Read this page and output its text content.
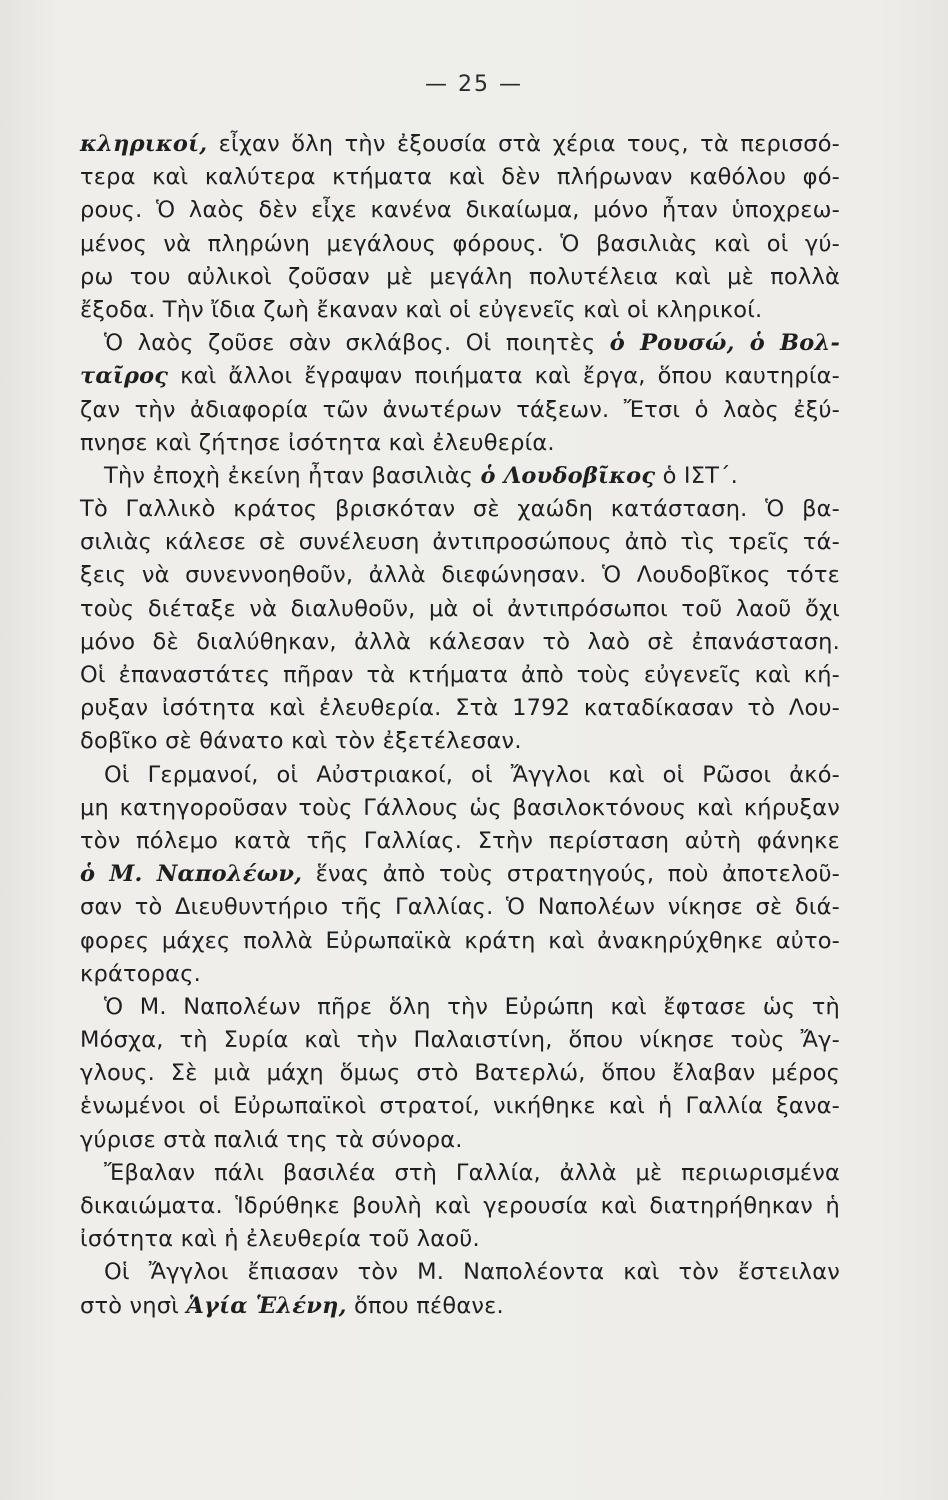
— 25 —
κληρικοί, εἶχαν ὅλη τὴν ἐξουσία στὰ χέρια τους, τὰ περισσό-
τερα καὶ καλύτερα κτήματα καὶ δὲν πλήρωναν καθόλου φό-
ρους. Ὁ λαὸς δὲν εἶχε κανένα δικαίωμα, μόνο ἦταν ὑποχρεω-
μένος νὰ πληρώνη μεγάλους φόρους. Ὁ βασιλιὰς καὶ οἱ γύ-
ρω του αὐλικοὶ ζοῦσαν μὲ μεγάλη πολυτέλεια καὶ μὲ πολλὰ
ἔξοδα. Τὴν ἴδια ζωὴ ἔκαναν καὶ οἱ εὐγενεῖς καὶ οἱ κληρικοί.
Ὁ λαὸς ζοῦσε σὰν σκλάβος. Οἱ ποιητὲς ὁ Ρουσώ, ὁ Βολ-
ταῖρος καὶ ἄλλοι ἔγραψαν ποιήματα καὶ ἔργα, ὅπου καυτηρία-
ζαν τὴν ἀδιαφορία τῶν ἀνωτέρων τάξεων. Ἔτσι ὁ λαὸς ἐξύ-
πνησε καὶ ζήτησε ἰσότητα καὶ ἐλευθερία.
Τὴν ἐποχὴ ἐκείνη ἦταν βασιλιὰς ὁ Λουδοβῖκος ὁ ΙΣΤ΄.
Τὸ Γαλλικὸ κράτος βρισκόταν σὲ χαώδη κατάσταση. Ὁ βα-
σιλιὰς κάλεσε σὲ συνέλευση ἀντιπροσώπους ἀπὸ τὶς τρεῖς τά-
ξεις νὰ συνεννοηθοῦν, ἀλλὰ διεφώνησαν. Ὁ Λουδοβῖκος τότε
τοὺς διέταξε νὰ διαλυθοῦν, μὰ οἱ ἀντιπρόσωποι τοῦ λαοῦ ὄχι
μόνο δὲ διαλύθηκαν, ἀλλὰ κάλεσαν τὸ λαὸ σὲ ἐπανάσταση.
Οἱ ἐπαναστάτες πῆραν τὰ κτήματα ἀπὸ τοὺς εὐγενεῖς καὶ κή-
ρυξαν ἰσότητα καὶ ἐλευθερία. Στὰ 1792 καταδίκασαν τὸ Λου-
δοβῖκο σὲ θάνατο καὶ τὸν ἐξετέλεσαν.
Οἱ Γερμανοί, οἱ Αὐστριακοί, οἱ Ἄγγλοι καὶ οἱ Ρῶσοι ἀκό-
μη κατηγοροῦσαν τοὺς Γάλλους ὡς βασιλοκτόνους καὶ κήρυξαν
τὸν πόλεμο κατὰ τῆς Γαλλίας. Στὴν περίσταση αὐτὴ φάνηκε
ὁ Μ. Ναπολέων, ἕνας ἀπὸ τοὺς στρατηγούς, ποὺ ἀποτελοῦ-
σαν τὸ Διευθυντήριο τῆς Γαλλίας. Ὁ Ναπολέων νίκησε σὲ διά-
φορες μάχες πολλὰ Εὐρωπαϊκὰ κράτη καὶ ἀνακηρύχθηκε αὐτο-
κράτορας.
Ὁ Μ. Ναπολέων πῆρε ὅλη τὴν Εὐρώπη καὶ ἔφτασε ὡς τὴ
Μόσχα, τὴ Συρία καὶ τὴν Παλαιστίνη, ὅπου νίκησε τοὺς Ἄγ-
γλους. Σὲ μιὰ μάχη ὅμως στὸ Βατερλώ, ὅπου ἔλαβαν μέρος
ἑνωμένοι οἱ Εὐρωπαϊκοὶ στρατοί, νικήθηκε καὶ ἡ Γαλλία ξανα-
γύρισε στὰ παλιά της τὰ σύνορα.
Ἔβαλαν πάλι βασιλέα στὴ Γαλλία, ἀλλὰ μὲ περιωρισμένα
δικαιώματα. Ἱδρύθηκε βουλὴ καὶ γερουσία καὶ διατηρήθηκαν ἡ
ἰσότητα καὶ ἡ ἐλευθερία τοῦ λαοῦ.
Οἱ Ἄγγλοι ἔπιασαν τὸν Μ. Ναπολέοντα καὶ τὸν ἔστειλαν
στὸ νησὶ Ἁγία Ἑλένη, ὅπου πέθανε.
